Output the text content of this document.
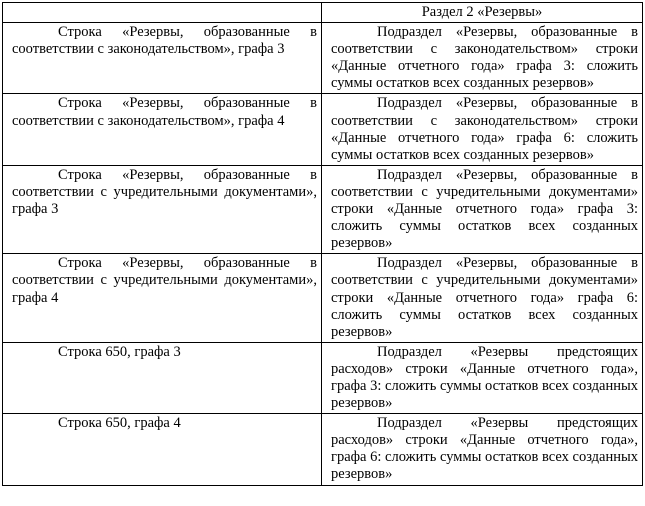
	Раздел 2 «Резервы»
Строка «Резервы, образованные в соответствии с законодательством», графа 3	Подраздел «Резервы, образованные в соответствии с законодательством» строки «Данные отчетного года» графа 3: сложить суммы остатков всех созданных резервов»
Строка «Резервы, образованные в соответствии с законодательством», графа 4	Подраздел «Резервы, образованные в соответствии с законодательством» строки «Данные отчетного года» графа 6: сложить суммы остатков всех созданных резервов»
Строка «Резервы, образованные в соответствии с учредительными документами», графа 3	Подраздел «Резервы, образованные в соответствии с учредительными документами» строки «Данные отчетного года» графа 3: сложить суммы остатков всех созданных резервов»
Строка «Резервы, образованные в соответствии с учредительными документами», графа 4	Подраздел «Резервы, образованные в соответствии с учредительными документами» строки «Данные отчетного года» графа 6: сложить суммы остатков всех созданных резервов»
Строка 650, графа 3	Подраздел «Резервы предстоящих расходов» строки «Данные отчетного года», графа 3: сложить суммы остатков всех созданных резервов»
Строка 650, графа 4	Подраздел «Резервы предстоящих расходов» строки «Данные отчетного года», графа 6: сложить суммы остатков всех созданных резервов»
